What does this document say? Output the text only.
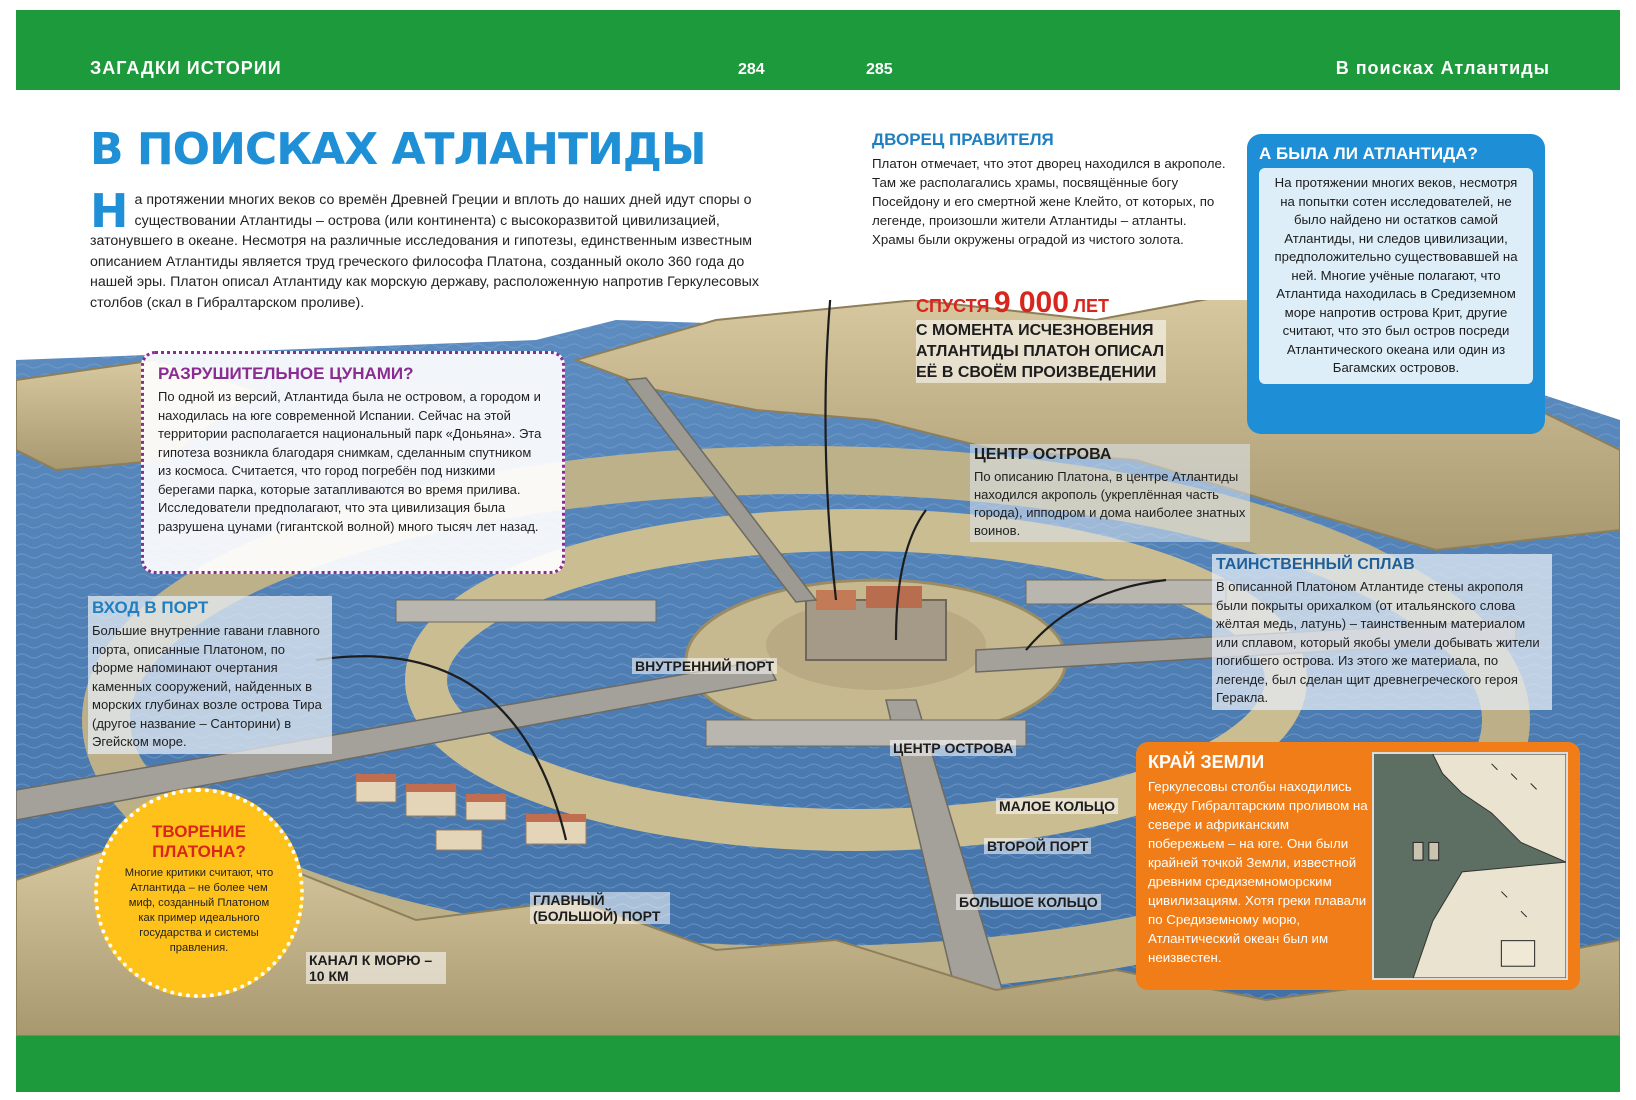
ЗАГАДКИ ИСТОРИИ	284	285	В поисках Атлантиды
В ПОИСКАХ АТЛАНТИДЫ
На протяжении многих веков со времён Древней Греции и вплоть до наших дней идут споры о существовании Атлантиды – острова (или континента) с высокоразвитой цивилизацией, затонувшего в океане. Несмотря на различные исследования и гипотезы, единственным известным описанием Атлантиды является труд греческого философа Платона, созданный около 360 года до нашей эры. Платон описал Атлантиду как морскую державу, расположенную напротив Геркулесовых столбов (скал в Гибралтарском проливе).
ДВОРЕЦ ПРАВИТЕЛЯ
Платон отмечает, что этот дворец находился в акрополе. Там же располагались храмы, посвящённые богу Посейдону и его смертной жене Клейто, от которых, по легенде, произошли жители Атлантиды – атланты. Храмы были окружены оградой из чистого золота.
А БЫЛА ЛИ АТЛАНТИДА?
На протяжении многих веков, несмотря на попытки сотен исследователей, не было найдено ни остатков самой Атлантиды, ни следов цивилизации, предположительно существовавшей на ней. Многие учёные полагают, что Атлантида находилась в Средиземном море напротив острова Крит, другие считают, что это был остров посреди Атлантического океана или один из Багамских островов.
СПУСТЯ 9 000 ЛЕТ
С МОМЕНТА ИСЧЕЗНОВЕНИЯ АТЛАНТИДЫ ПЛАТОН ОПИСАЛ ЕЁ В СВОЁМ ПРОИЗВЕДЕНИИ
РАЗРУШИТЕЛЬНОЕ ЦУНАМИ?
По одной из версий, Атлантида была не островом, а городом и находилась на юге современной Испании. Сейчас на этой территории располагается национальный парк «Доньяна». Эта гипотеза возникла благодаря снимкам, сделанным спутником из космоса. Считается, что город погребён под низкими берегами парка, которые затапливаются во время прилива. Исследователи предполагают, что эта цивилизация была разрушена цунами (гигантской волной) много тысяч лет назад.
ЦЕНТР ОСТРОВА
По описанию Платона, в центре Атлантиды находился акрополь (укреплённая часть города), ипподром и дома наиболее знатных воинов.
ТАИНСТВЕННЫЙ СПЛАВ
В описанной Платоном Атлантиде стены акрополя были покрыты орихалком (от итальянского слова жёлтая медь, латунь) – таинственным материалом или сплавом, который якобы умели добывать жители погибшего острова. Из этого же материала, по легенде, был сделан щит древнегреческого героя Геракла.
ВХОД В ПОРТ
Большие внутренние гавани главного порта, описанные Платоном, по форме напоминают очертания каменных сооружений, найденных в морских глубинах возле острова Тира (другое название – Санторини) в Эгейском море.
ВНУТРЕННИЙ ПОРТ
ЦЕНТР ОСТРОВА
МАЛОЕ КОЛЬЦО
ВТОРОЙ ПОРТ
БОЛЬШОЕ КОЛЬЦО
ГЛАВНЫЙ (БОЛЬШОЙ) ПОРТ
КАНАЛ К МОРЮ – 10 КМ
ТВОРЕНИЕ ПЛАТОНА?
Многие критики считают, что Атлантида – не более чем миф, созданный Платоном как пример идеального государства и системы правления.
КРАЙ ЗЕМЛИ
Геркулесовы столбы находились между Гибралтарским проливом на севере и африканским побережьем – на юге. Они были крайней точкой Земли, известной древним средиземноморским цивилизациям. Хотя греки плавали по Средиземному морю, Атлантический океан был им неизвестен.
